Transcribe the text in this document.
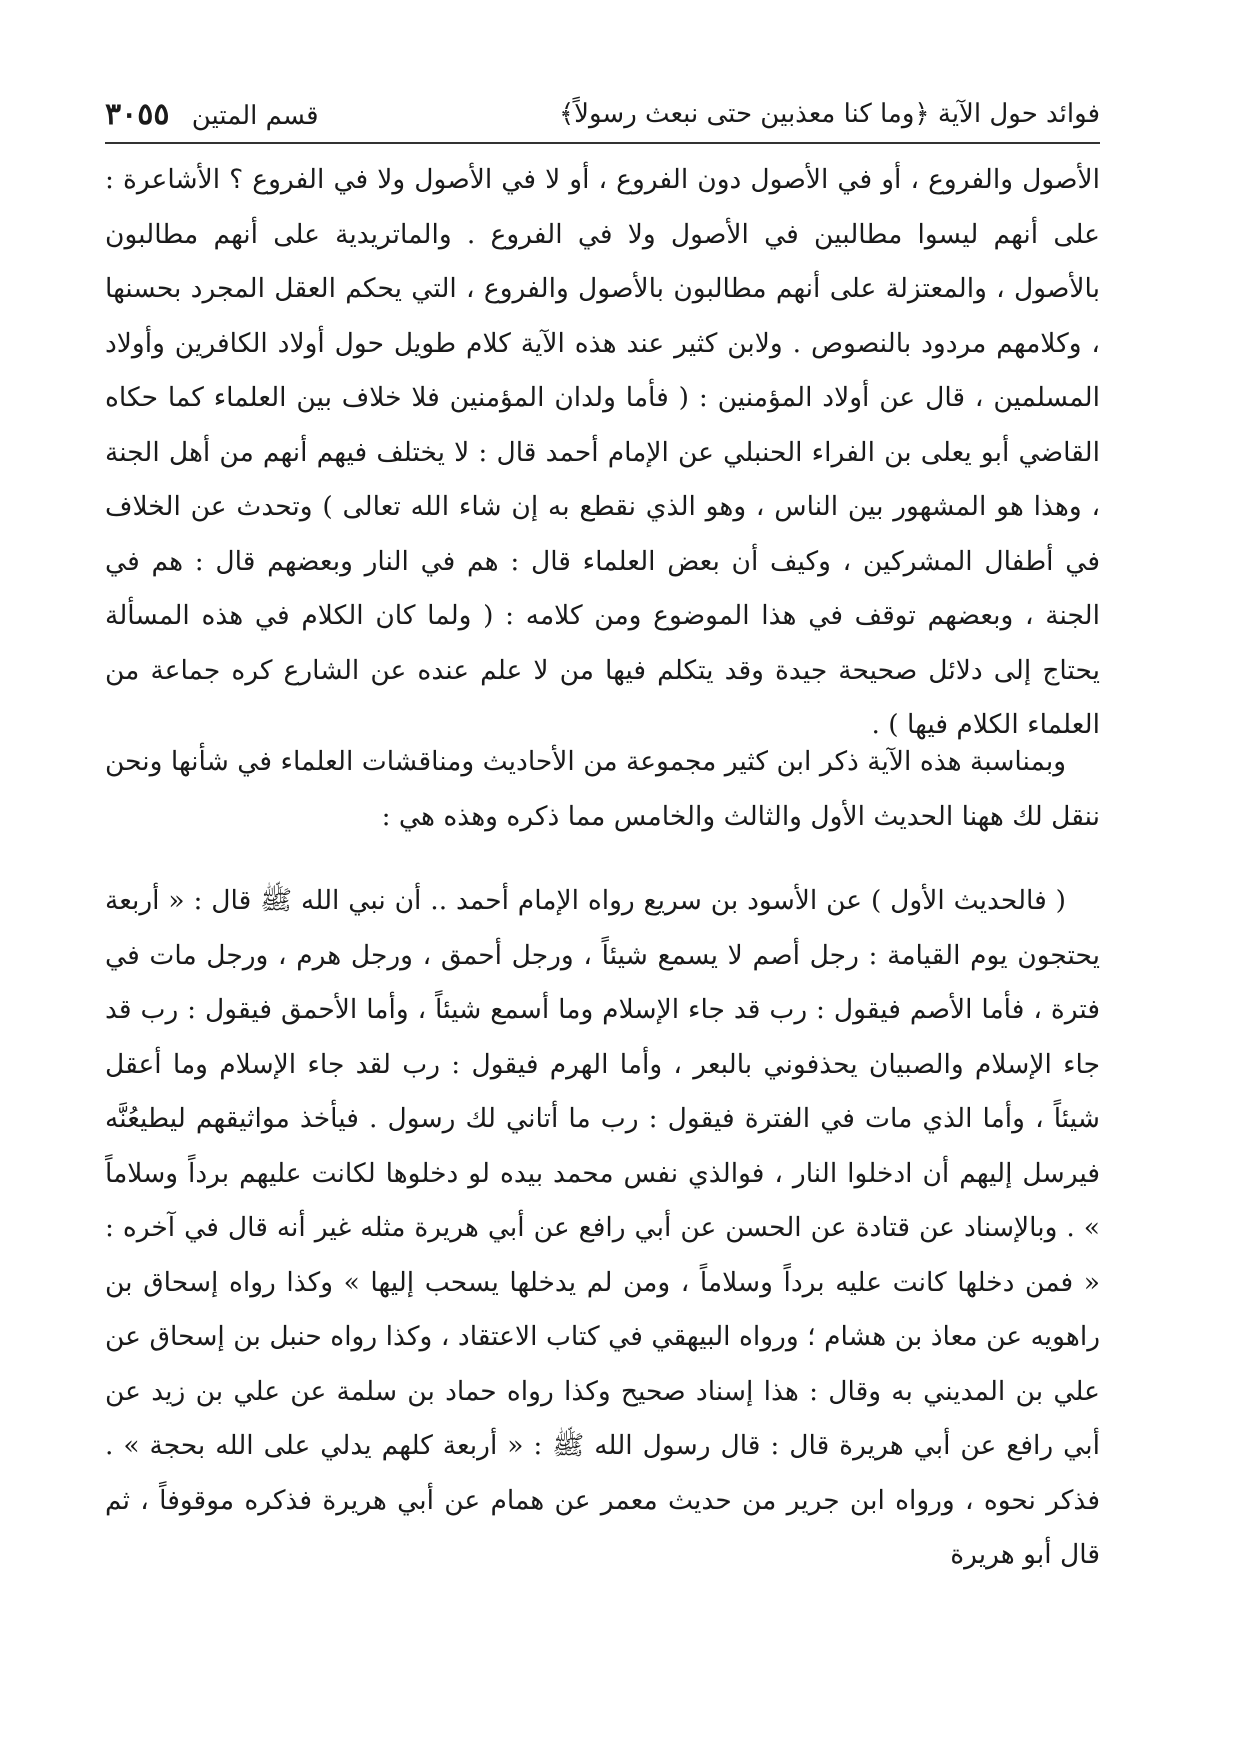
فوائد حول الآية ﴿وما كنا معذبين حتى نبعث رسولاً﴾
قسم المتين ٣٠٥٥

الأصول والفروع ، أو في الأصول دون الفروع ، أو لا في الأصول ولا في الفروع ؟ الأشاعرة : على أنهم ليسوا مطالبين في الأصول ولا في الفروع . والماتريدية على أنهم مطالبون بالأصول ، والمعتزلة على أنهم مطالبون بالأصول والفروع ، التي يحكم العقل المجرد بحسنها ، وكلامهم مردود بالنصوص . ولابن كثير عند هذه الآية كلام طويل حول أولاد الكافرين وأولاد المسلمين ، قال عن أولاد المؤمنين : ( فأما ولدان المؤمنين فلا خلاف بين العلماء كما حكاه القاضي أبو يعلى بن الفراء الحنبلي عن الإمام أحمد قال : لا يختلف فيهم أنهم من أهل الجنة ، وهذا هو المشهور بين الناس ، وهو الذي نقطع به إن شاء الله تعالى ) وتحدث عن الخلاف في أطفال المشركين ، وكيف أن بعض العلماء قال : هم في النار وبعضهم قال : هم في الجنة ، وبعضهم توقف في هذا الموضوع ومن كلامه : ( ولما كان الكلام في هذه المسألة يحتاج إلى دلائل صحيحة جيدة وقد يتكلم فيها من لا علم عنده عن الشارع كره جماعة من العلماء الكلام فيها ) .

وبمناسبة هذه الآية ذكر ابن كثير مجموعة من الأحاديث ومناقشات العلماء في شأنها ونحن ننقل لك ههنا الحديث الأول والثالث والخامس مما ذكره وهذه هي :

( فالحديث الأول ) عن الأسود بن سريع رواه الإمام أحمد .. أن نبي الله ﷺ قال : « أربعة يحتجون يوم القيامة : رجل أصم لا يسمع شيئاً ، ورجل أحمق ، ورجل هرم ، ورجل مات في فترة ، فأما الأصم فيقول : رب قد جاء الإسلام وما أسمع شيئاً ، وأما الأحمق فيقول : رب قد جاء الإسلام والصبيان يحذفوني بالبعر ، وأما الهرم فيقول : رب لقد جاء الإسلام وما أعقل شيئاً ، وأما الذي مات في الفترة فيقول : رب ما أتاني لك رسول . فيأخذ مواثيقهم ليطيعُنَّه فيرسل إليهم أن ادخلوا النار ، فوالذي نفس محمد بيده لو دخلوها لكانت عليهم برداً وسلاماً » . وبالإسناد عن قتادة عن الحسن عن أبي رافع عن أبي هريرة مثله غير أنه قال في آخره : « فمن دخلها كانت عليه برداً وسلاماً ، ومن لم يدخلها يسحب إليها » وكذا رواه إسحاق بن راهويه عن معاذ بن هشام ؛ ورواه البيهقي في كتاب الاعتقاد ، وكذا رواه حنبل بن إسحاق عن علي بن المديني به وقال : هذا إسناد صحيح وكذا رواه حماد بن سلمة عن علي بن زيد عن أبي رافع عن أبي هريرة قال : قال رسول الله ﷺ : « أربعة كلهم يدلي على الله بحجة » . فذكر نحوه ، ورواه ابن جرير من حديث معمر عن همام عن أبي هريرة فذكره موقوفاً ، ثم قال أبو هريرة
